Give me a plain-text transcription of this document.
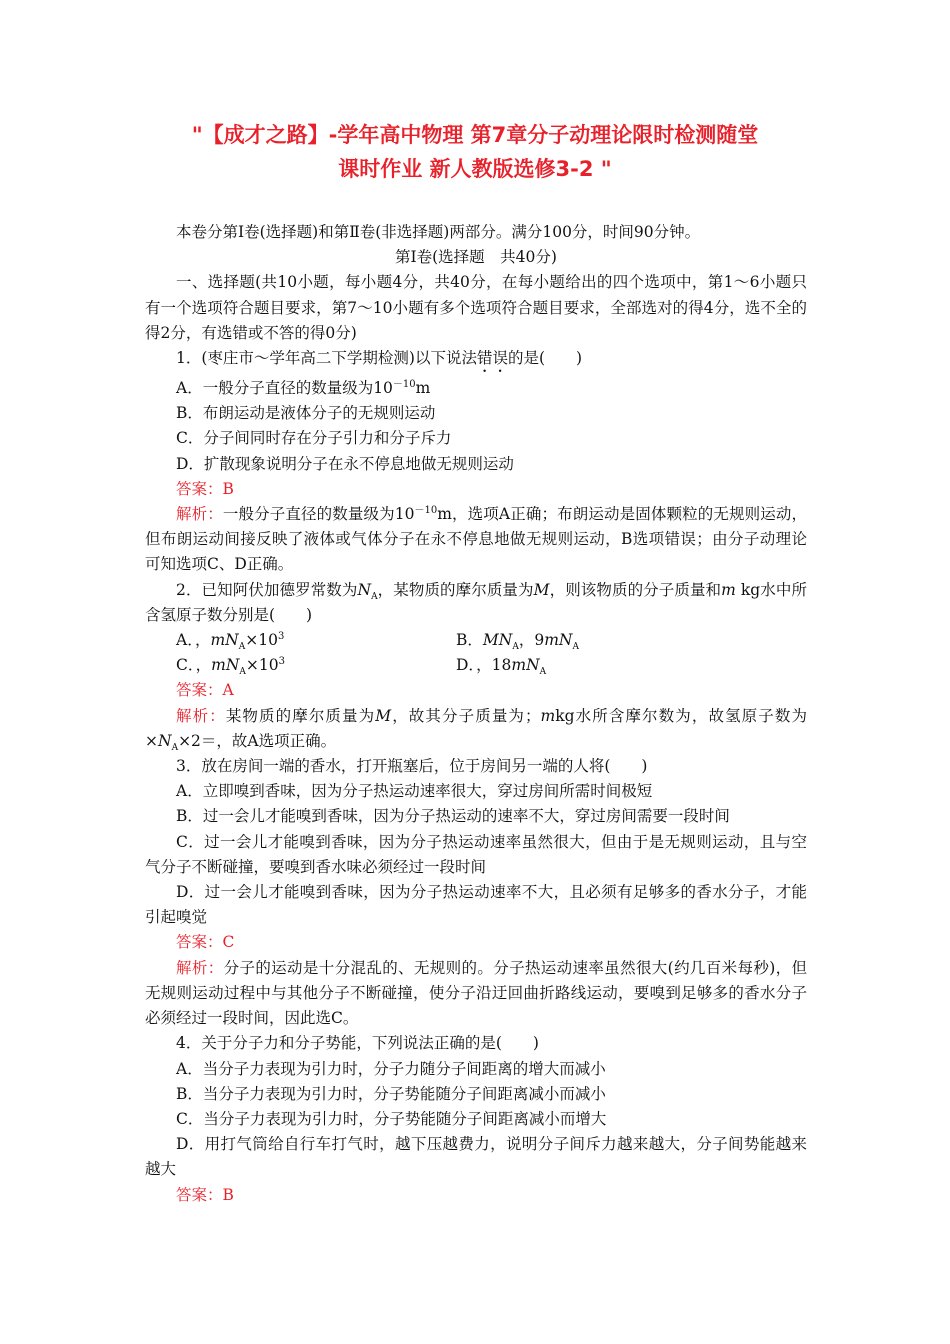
"【成才之路】-学年高中物理 第7章分子动理论限时检测随堂
课时作业 新人教版选修3-2 "

本卷分第Ⅰ卷(选择题)和第Ⅱ卷(非选择题)两部分。满分100分，时间90分钟。

第Ⅰ卷(选择题　共40分)

一、选择题(共10小题，每小题4分，共40分，在每小题给出的四个选项中，第1～6小题只有一个选项符合题目要求，第7～10小题有多个选项符合题目要求，全部选对的得4分，选不全的得2分，有选错或不答的得0分)

1．(枣庄市～学年高二下学期检测)以下说法错误的是(　　)

A．一般分子直径的数量级为$10^{-10}m$

B．布朗运动是液体分子的无规则运动

C．分子间同时存在分子引力和分子斥力

D．扩散现象说明分子在永不停息地做无规则运动

答案：B

解析：一般分子直径的数量级为$10^{-10}m$，选项A正确；布朗运动是固体颗粒的无规则运动，但布朗运动间接反映了液体或气体分子在永不停息地做无规则运动，B选项错误；由分子动理论可知选项C、D正确。

2．已知阿伏加德罗常数为$N_A$，某物质的摩尔质量为M，则该物质的分子质量和m kg水中所含氢原子数分别是(　　)

A．，$mN_A\times 10^3$	B．$MN_A$，$9mN_A$
C．，$mN_A\times 10^3$	D．，$18mN_A$

答案：A

解析：某物质的摩尔质量为M，故其分子质量为；mkg水所含摩尔数为，故氢原子数为$\times N_A\times 2=$，故A选项正确。

3．放在房间一端的香水，打开瓶塞后，位于房间另一端的人将(　　)

A．立即嗅到香味，因为分子热运动速率很大，穿过房间所需时间极短

B．过一会儿才能嗅到香味，因为分子热运动的速率不大，穿过房间需要一段时间

C．过一会儿才能嗅到香味，因为分子热运动速率虽然很大，但由于是无规则运动，且与空气分子不断碰撞，要嗅到香水味必须经过一段时间

D．过一会儿才能嗅到香味，因为分子热运动速率不大，且必须有足够多的香水分子，才能引起嗅觉

答案：C

解析：分子的运动是十分混乱的、无规则的。分子热运动速率虽然很大(约几百米每秒)，但无规则运动过程中与其他分子不断碰撞，使分子沿迂回曲折路线运动，要嗅到足够多的香水分子必须经过一段时间，因此选C。

4．关于分子力和分子势能，下列说法正确的是(　　)

A．当分子力表现为引力时，分子力随分子间距离的增大而减小

B．当分子力表现为引力时，分子势能随分子间距离减小而减小

C．当分子力表现为引力时，分子势能随分子间距离减小而增大

D．用打气筒给自行车打气时，越下压越费力，说明分子间斥力越来越大，分子间势能越来越大

答案：B
